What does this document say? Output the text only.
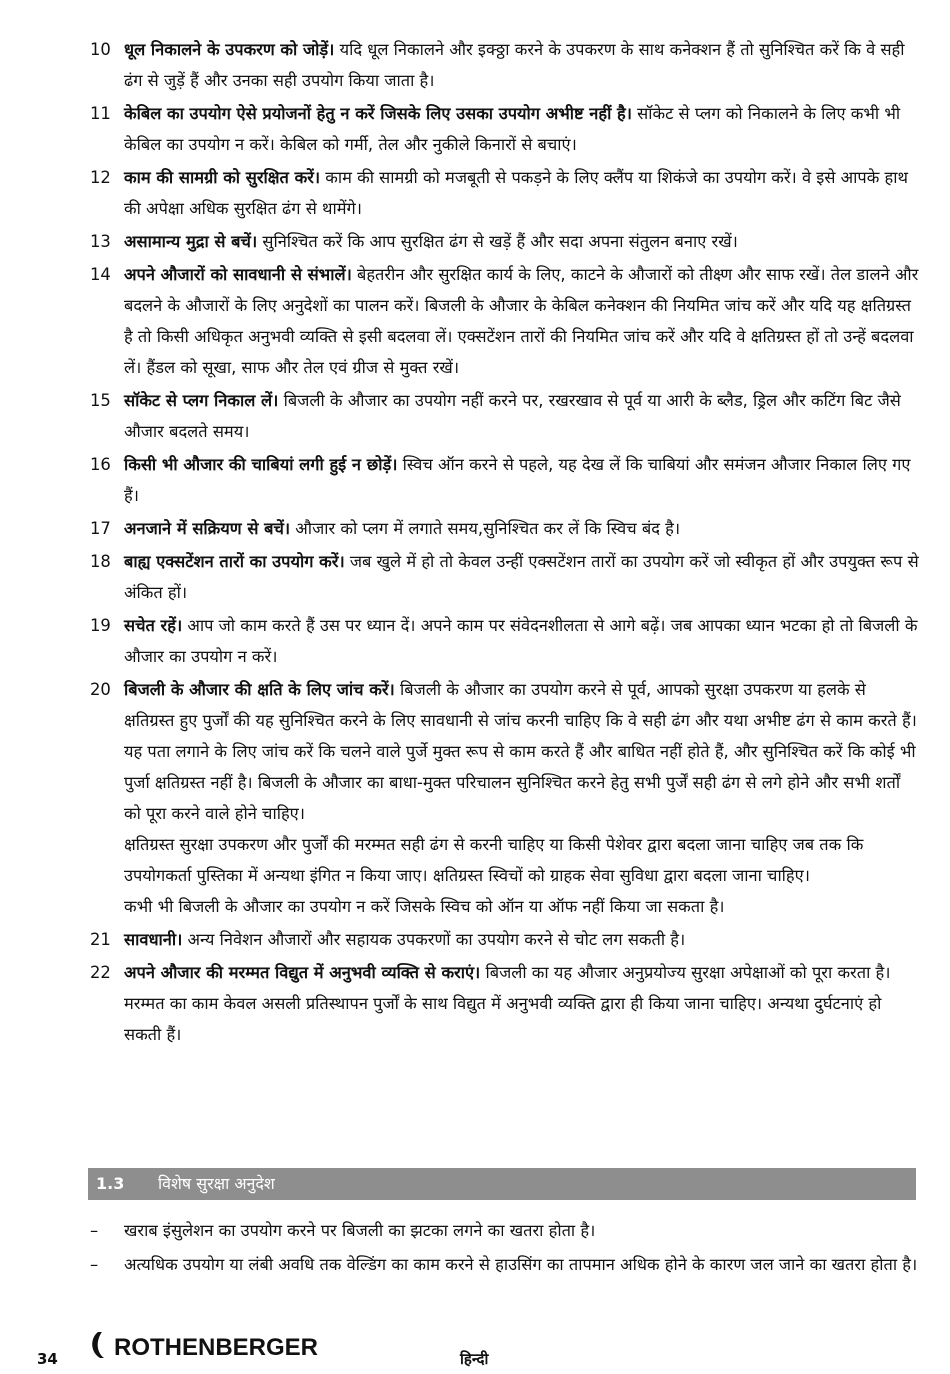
10 धूल निकालने के उपकरण को जोड़ें। यदि धूल निकालने और इक्ठ्ठा करने के उपकरण के साथ कनेक्शन हैं तो सुनिश्चित करें कि वे सही ढंग से जुड़ें हैं और उनका सही उपयोग किया जाता है।
11 केबिल का उपयोग ऐसे प्रयोजनों हेतु न करें जिसके लिए उसका उपयोग अभीष्ट नहीं है। सॉकेट से प्लग को निकालने के लिए कभी भी केबिल का उपयोग न करें। केबिल को गर्मी, तेल और नुकीले किनारों से बचाएं।
12 काम की सामग्री को सुरक्षित करें। काम की सामग्री को मजबूती से पकड़ने के लिए क्लैंप या शिकंजे का उपयोग करें। वे इसे आपके हाथ की अपेक्षा अधिक सुरक्षित ढंग से थामेंगे।
13 असामान्य मुद्रा से बचें। सुनिश्चित करें कि आप सुरक्षित ढंग से खड़ें हैं और सदा अपना संतुलन बनाए रखें।
14 अपने औजारों को सावधानी से संभालें। बेहतरीन और सुरक्षित कार्य के लिए, काटने के औजारों को तीक्ष्ण और साफ रखें। तेल डालने और बदलने के औजारों के लिए अनुदेशों का पालन करें। बिजली के औजार के केबिल कनेक्शन की नियमित जांच करें और यदि यह क्षतिग्रस्त है तो किसी अधिकृत अनुभवी व्यक्ति से इसी बदलवा लें। एक्सटेंशन तारों की नियमित जांच करें और यदि वे क्षतिग्रस्त हों तो उन्हें बदलवा लें। हैंडल को सूखा, साफ और तेल एवं ग्रीज से मुक्त रखें।
15 सॉकेट से प्लग निकाल लें। बिजली के औजार का उपयोग नहीं करने पर, रखरखाव से पूर्व या आरी के ब्लैड, ड्रिल और कटिंग बिट जैसे औजार बदलते समय।
16 किसी भी औजार की चाबियां लगी हुई न छोड़ें। स्विच ऑन करने से पहले, यह देख लें कि चाबियां और समंजन औजार निकाल लिए गए हैं।
17 अनजाने में सक्रियण से बचें। औजार को प्लग में लगाते समय,सुनिश्चित कर लें कि स्विच बंद है।
18 बाह्य एक्सटेंशन तारों का उपयोग करें। जब खुले में हो तो केवल उन्हीं एक्सटेंशन तारों का उपयोग करें जो स्वीकृत हों और उपयुक्त रूप से अंकित हों।
19 सचेत रहें। आप जो काम करते हैं उस पर ध्यान दें। अपने काम पर संवेदनशीलता से आगे बढ़ें। जब आपका ध्यान भटका हो तो बिजली के औजार का उपयोग न करें।
20 बिजली के औजार की क्षति के लिए जांच करें। बिजली के औजार का उपयोग करने से पूर्व, आपको सुरक्षा उपकरण या हलके से क्षतिग्रस्त हुए पुर्जों की यह सुनिश्चित करने के लिए सावधानी से जांच करनी चाहिए कि वे सही ढंग और यथा अभीष्ट ढंग से काम करते हैं। यह पता लगाने के लिए जांच करें कि चलने वाले पुर्जे मुक्त रूप से काम करते हैं और बाधित नहीं होते हैं, और सुनिश्चित करें कि कोई भी पुर्जा क्षतिग्रस्त नहीं है। बिजली के औजार का बाधा-मुक्त परिचालन सुनिश्चित करने हेतु सभी पुर्जें सही ढंग से लगे होने और सभी शर्तों को पूरा करने वाले होने चाहिए।
क्षतिग्रस्त सुरक्षा उपकरण और पुर्जों की मरम्मत सही ढंग से करनी चाहिए या किसी पेशेवर द्वारा बदला जाना चाहिए जब तक कि उपयोगकर्ता पुस्तिका में अन्यथा इंगित न किया जाए। क्षतिग्रस्त स्विचों को ग्राहक सेवा सुविधा द्वारा बदला जाना चाहिए।
कभी भी बिजली के औजार का उपयोग न करें जिसके स्विच को ऑन या ऑफ नहीं किया जा सकता है।
21 सावधानी। अन्य निवेशन औजारों और सहायक उपकरणों का उपयोग करने से चोट लग सकती है।
22 अपने औजार की मरम्मत विद्युत में अनुभवी व्यक्ति से कराएं। बिजली का यह औजार अनुप्रयोज्य सुरक्षा अपेक्षाओं को पूरा करता है। मरम्मत का काम केवल असली प्रतिस्थापन पुर्जों के साथ विद्युत में अनुभवी व्यक्ति द्वारा ही किया जाना चाहिए। अन्यथा दुर्घटनाएं हो सकती हैं।
1.3 विशेष सुरक्षा अनुदेश
– खराब इंसुलेशन का उपयोग करने पर बिजली का झटका लगने का खतरा होता है।
– अत्यधिक उपयोग या लंबी अवधि तक वेल्डिंग का काम करने से हाउसिंग का तापमान अधिक होने के कारण जल जाने का खतरा होता है।
34 ROTHENBERGER	हिन्दी
